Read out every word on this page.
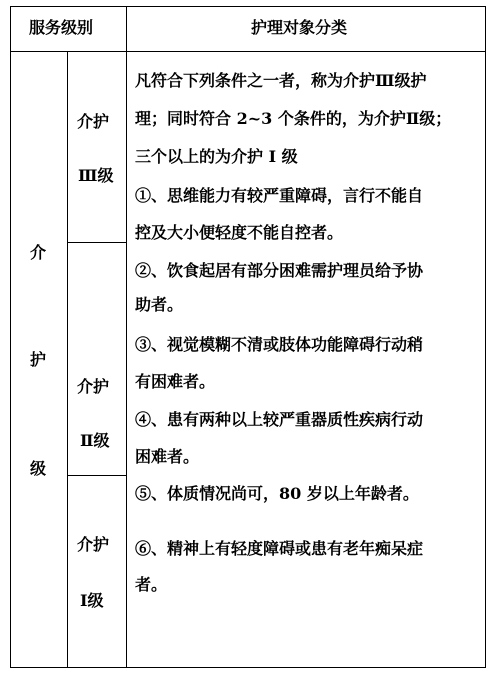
服务级别	护理对象分类
介
护
级
介护
Ⅲ级
介护
Ⅱ级
介护
Ⅰ级
凡符合下列条件之一者，称为介护Ⅲ级护
理；同时符合 2~3 个条件的，为介护Ⅱ级；
三个以上的为介护 Ⅰ 级
①、思维能力有较严重障碍，言行不能自
控及大小便轻度不能自控者。
②、饮食起居有部分困难需护理员给予协
助者。
③、视觉模糊不清或肢体功能障碍行动稍
有困难者。
④、患有两种以上较严重器质性疾病行动
困难者。
⑤、体质情况尚可，80 岁以上年龄者。
⑥、精神上有轻度障碍或患有老年痴呆症
者。
